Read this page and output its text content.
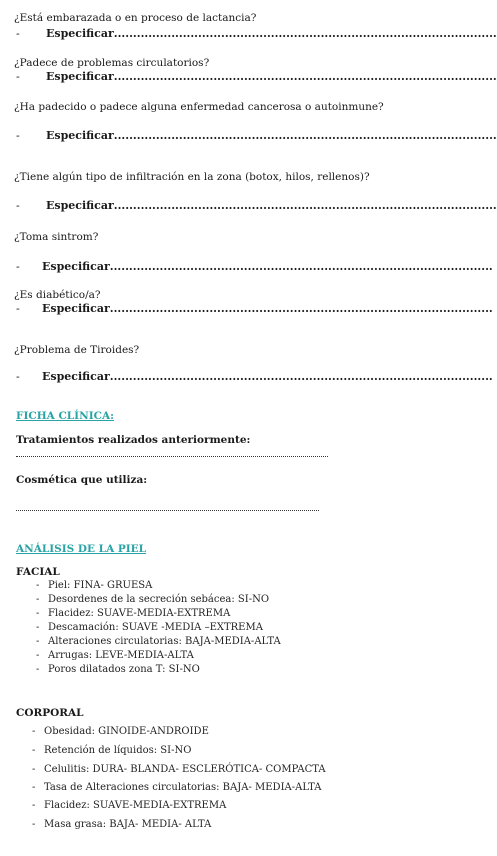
¿Está embarazada o en proceso de lactancia?
-	Especificar ....................................................................................................
¿Padece de problemas circulatorios?
-	Especificar ....................................................................................................
¿Ha padecido o padece alguna enfermedad cancerosa o autoinmune?
-	Especificar ....................................................................................................
¿Tiene algún tipo de infiltración en la zona (botox, hilos, rellenos)?
-	Especificar ....................................................................................................
¿Toma sintrom?
-	Especificar ....................................................................................................
¿Es diabético/a?
-	Especificar ....................................................................................................
¿Problema de Tiroides?
-	Especificar ....................................................................................................
FICHA CLÍNICA:
Tratamientos realizados anteriormente:
Cosmética que utiliza:
ANÁLISIS DE LA PIEL
FACIAL
- Piel: FINA- GRUESA
- Desordenes de la secreción sebácea: SI-NO
- Flacidez: SUAVE-MEDIA-EXTREMA
- Descamación: SUAVE -MEDIA –EXTREMA
- Alteraciones circulatorias: BAJA-MEDIA-ALTA
- Arrugas: LEVE-MEDIA-ALTA
- Poros dilatados zona T: SI-NO
CORPORAL
- Obesidad: GINOIDE-ANDROIDE
- Retención de líquidos: SI-NO
- Celulitis: DURA- BLANDA- ESCLERÓTICA- COMPACTA
- Tasa de Alteraciones circulatorias: BAJA- MEDIA-ALTA
- Flacidez: SUAVE-MEDIA-EXTREMA
- Masa grasa: BAJA- MEDIA- ALTA
